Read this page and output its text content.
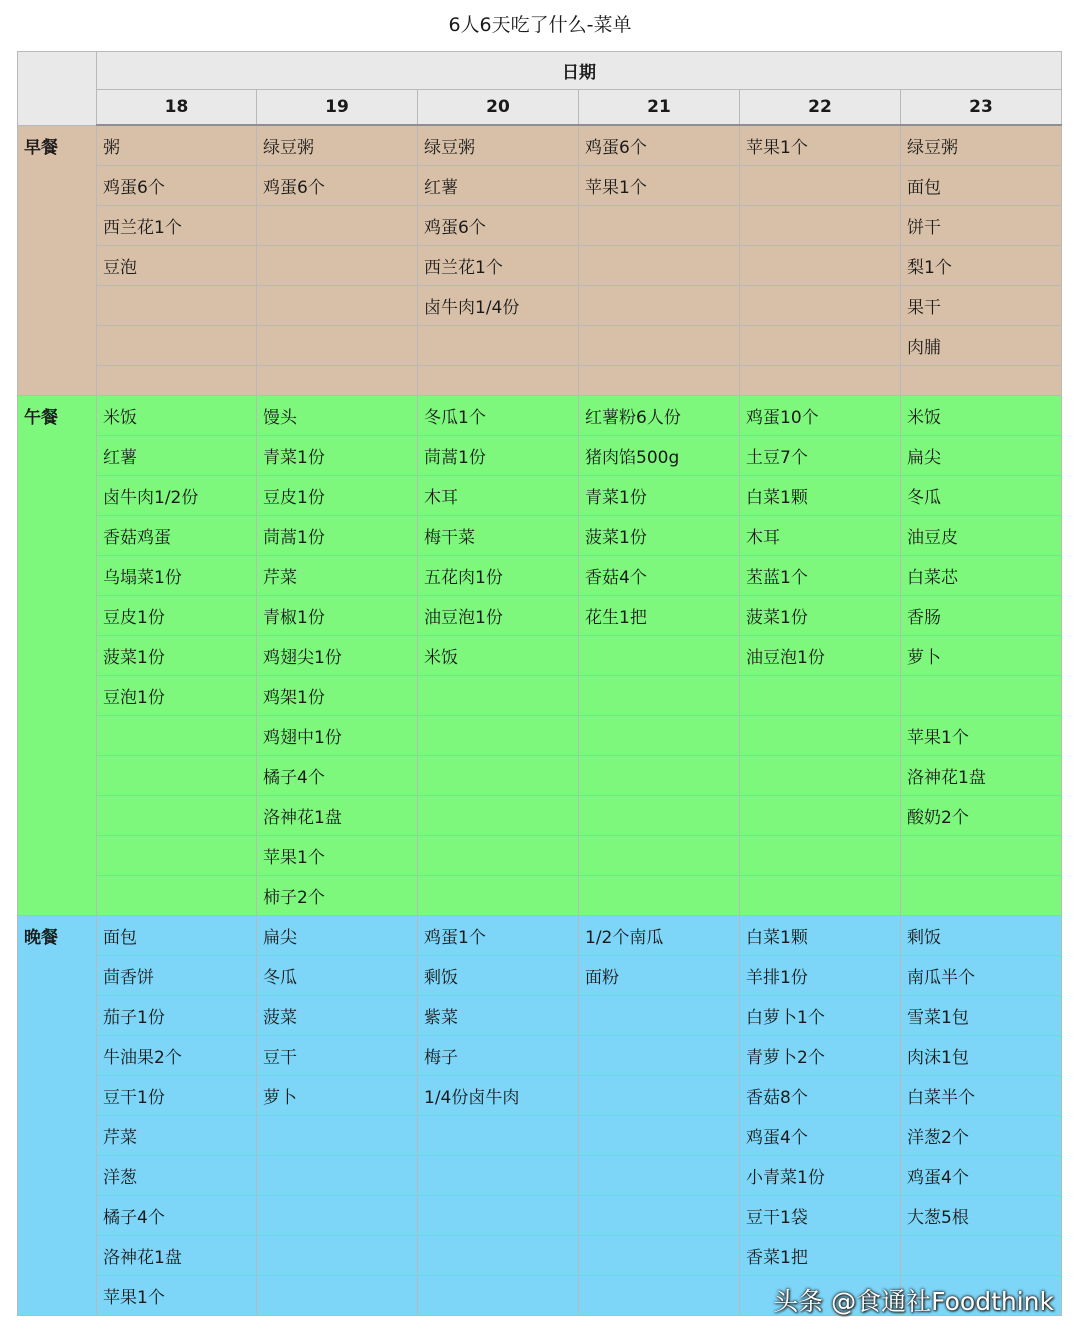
6人6天吃了什么-菜单
	日期					
	18	19	20	21	22	23
早餐	粥	绿豆粥	绿豆粥	鸡蛋6个	苹果1个	绿豆粥
	鸡蛋6个	鸡蛋6个	红薯	苹果1个		面包
	西兰花1个		鸡蛋6个			饼干
	豆泡		西兰花1个			梨1个
			卤牛肉1/4份			果干
						肉脯

午餐	米饭	馒头	冬瓜1个	红薯粉6人份	鸡蛋10个	米饭
	红薯	青菜1份	茼蒿1份	猪肉馅500g	土豆7个	扁尖
	卤牛肉1/2份	豆皮1份	木耳	青菜1份	白菜1颗	冬瓜
	香菇鸡蛋	茼蒿1份	梅干菜	菠菜1份	木耳	油豆皮
	乌塌菜1份	芹菜	五花肉1份	香菇4个	苤蓝1个	白菜芯
	豆皮1份	青椒1份	油豆泡1份	花生1把	菠菜1份	香肠
	菠菜1份	鸡翅尖1份	米饭		油豆泡1份	萝卜
	豆泡1份	鸡架1份				
		鸡翅中1份				苹果1个
		橘子4个				洛神花1盘
		洛神花1盘				酸奶2个
		苹果1个				
		柿子2个				
晚餐	面包	扁尖	鸡蛋1个	1/2个南瓜	白菜1颗	剩饭
	茴香饼	冬瓜	剩饭	面粉	羊排1份	南瓜半个
	茄子1份	菠菜	紫菜		白萝卜1个	雪菜1包
	牛油果2个	豆干	梅子		青萝卜2个	肉沫1包
	豆干1份	萝卜	1/4份卤牛肉		香菇8个	白菜半个
	芹菜				鸡蛋4个	洋葱2个
	洋葱				小青菜1份	鸡蛋4个
	橘子4个				豆干1袋	大葱5根
	洛神花1盘				香菜1把	
	苹果1个						头条 @食通社Foodthink
